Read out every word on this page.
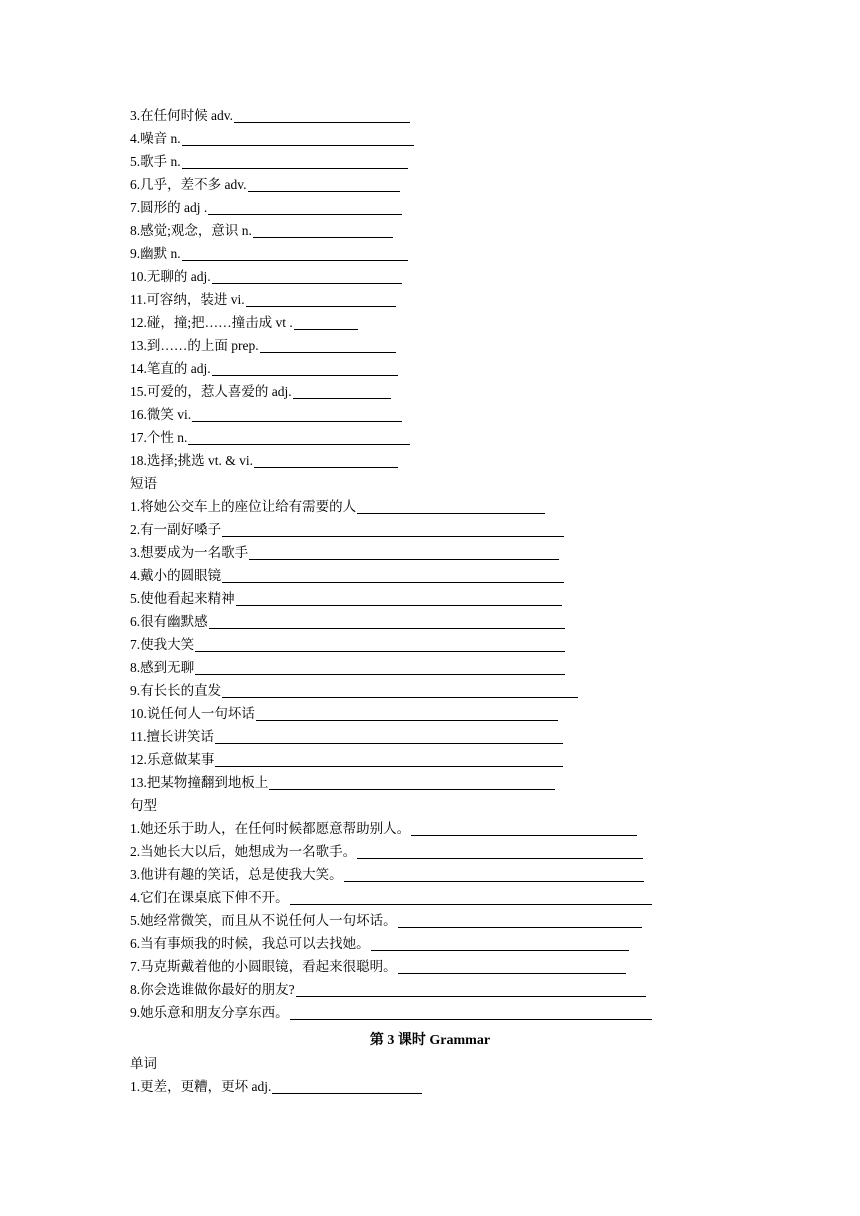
3.在任何时候 adv.
4.噪音 n.
5.歌手 n.
6.几乎，差不多 adv.
7.圆形的 adj .
8.感觉;观念，意识 n.
9.幽默 n.
10.无聊的 adj.
11.可容纳，装进 vi.
12.碰，撞;把……撞击成 vt .
13.到……的上面 prep.
14.笔直的 adj.
15.可爱的，惹人喜爱的 adj.
16.微笑 vi.
17.个性 n.
18.选择;挑选 vt. & vi.
短语
1.将她公交车上的座位让给有需要的人
2.有一副好嗓子
3.想要成为一名歌手
4.戴小的圆眼镜
5.使他看起来精神
6.很有幽默感
7.使我大笑
8.感到无聊
9.有长长的直发
10.说任何人一句坏话
11.擅长讲笑话
12.乐意做某事
13.把某物撞翻到地板上
句型
1.她还乐于助人，在任何时候都愿意帮助别人。
2.当她长大以后，她想成为一名歌手。
3.他讲有趣的笑话，总是使我大笑。
4.它们在课桌底下伸不开。
5.她经常微笑，而且从不说任何人一句坏话。
6.当有事烦我的时候，我总可以去找她。
7.马克斯戴着他的小圆眼镜，看起来很聪明。
8.你会选谁做你最好的朋友?
9.她乐意和朋友分享东西。
第 3 课时 Grammar
单词
1.更差，更糟，更坏 adj.
